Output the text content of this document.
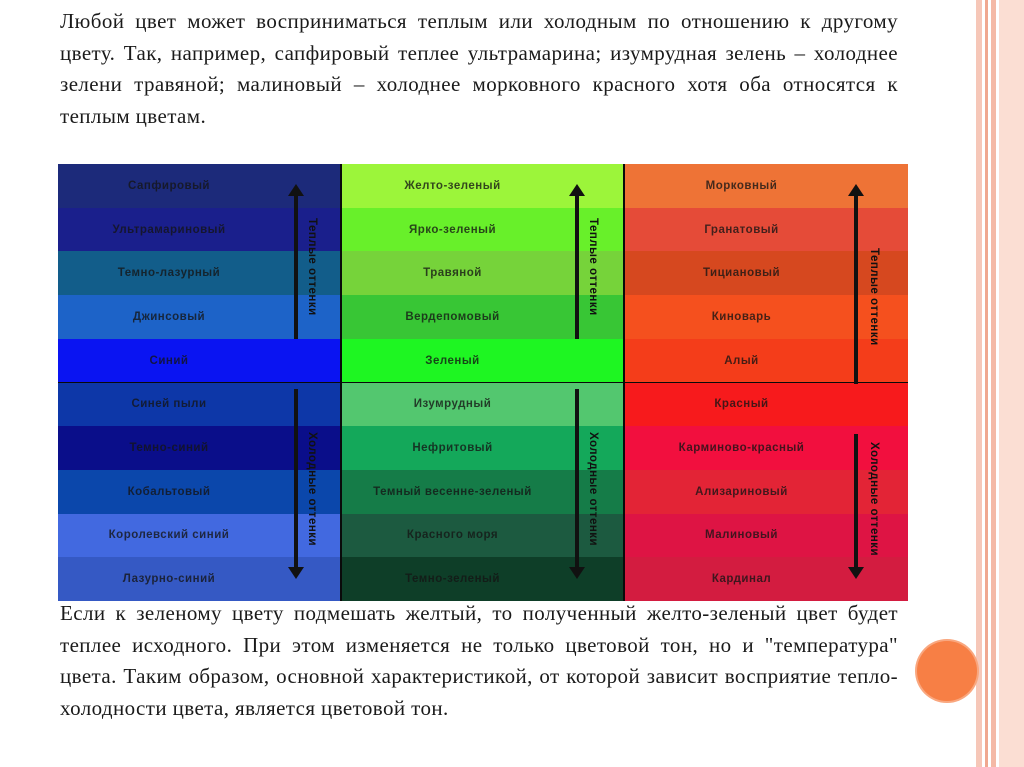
Любой цвет может восприниматься теплым или холодным по отношению к другому цвету. Так, например, сапфировый теплее ультрамарина; изумрудная зелень – холоднее зелени травяной; малиновый – холоднее морковного красного хотя оба относятся к теплым цветам.
Сапфировый
Ультрамариновый
Темно-лазурный
Джинсовый
Синий
Синей пыли
Темно-синий
Кобальтовый
Королевский синий
Лазурно-синий
Желто-зеленый
Ярко-зеленый
Травяной
Вердепомовый
Зеленый
Изумрудный
Нефритовый
Темный весенне-зеленый
Красного моря
Темно-зеленый
Морковный
Гранатовый
Тициановый
Киноварь
Алый
Красный
Карминово-красный
Ализариновый
Малиновый
Кардинал
Теплые оттенки
Холодные оттенки
Теплые оттенки
Холодные оттенки
Теплые оттенки
Холодные оттенки
Если к зеленому цвету подмешать желтый, то полученный желто-зеленый цвет будет теплее исходного. При этом изменяется не только цветовой тон, но и "температура" цвета. Таким образом, основной характеристикой, от которой зависит восприятие тепло-холодности цвета, является цветовой тон.
